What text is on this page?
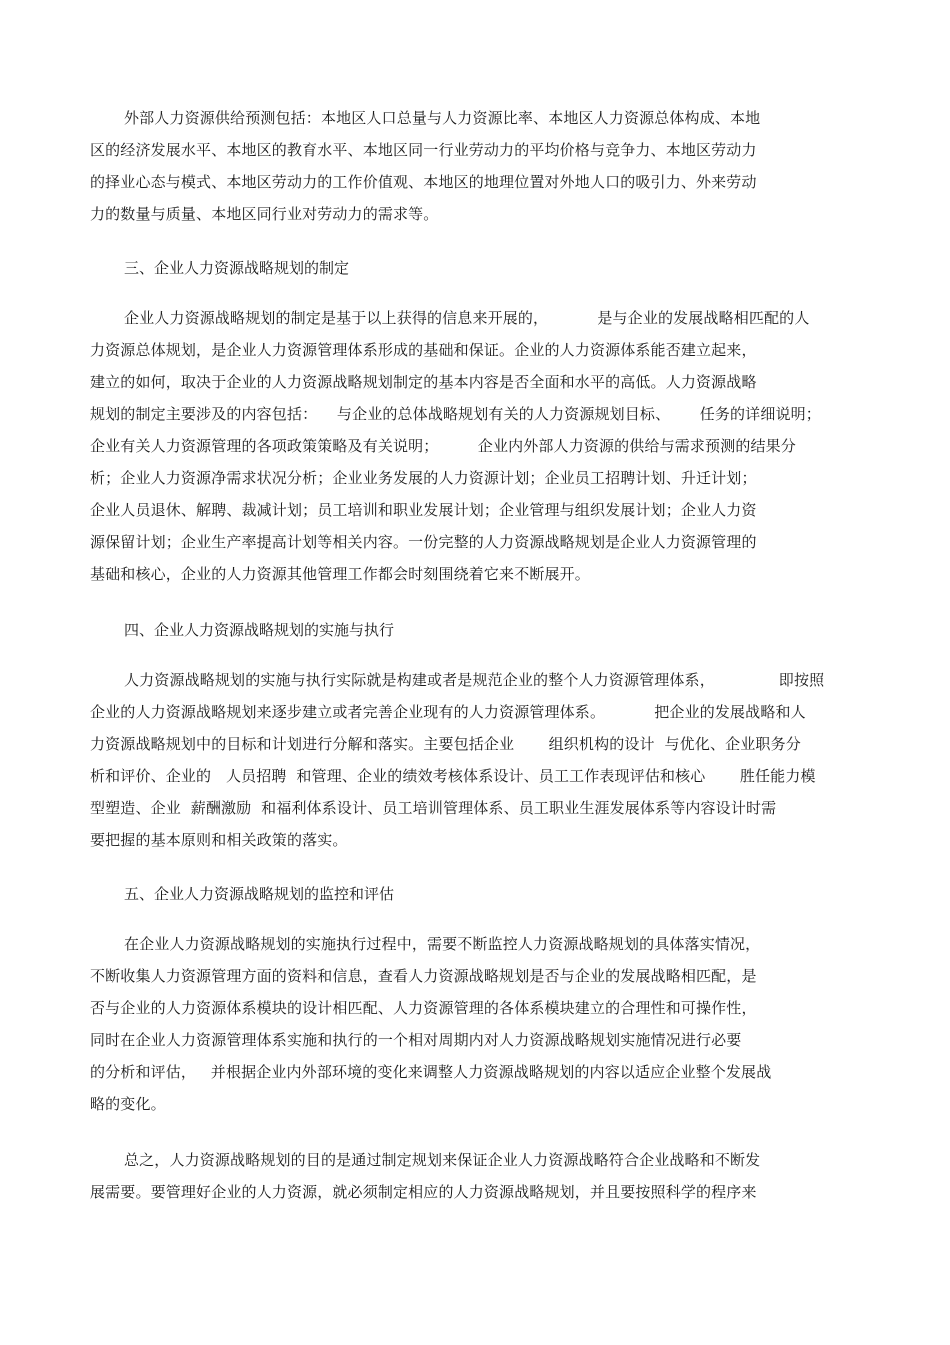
外部人力资源供给预测包括：本地区人口总量与人力资源比率、本地区人力资源总体构成、本地
区的经济发展水平、本地区的教育水平、本地区同一行业劳动力的平均价格与竞争力、本地区劳动力
的择业心态与模式、本地区劳动力的工作价值观、本地区的地理位置对外地人口的吸引力、外来劳动
力的数量与质量、本地区同行业对劳动力的需求等。
三、企业人力资源战略规划的制定
企业人力资源战略规划的制定是基于以上获得的信息来开展的，          是与企业的发展战略相匹配的人
力资源总体规划，是企业人力资源管理体系形成的基础和保证。企业的人力资源体系能否建立起来，
建立的如何，取决于企业的人力资源战略规划制定的基本内容是否全面和水平的高低。人力资源战略
规划的制定主要涉及的内容包括：    与企业的总体战略规划有关的人力资源规划目标、      任务的详细说明；
企业有关人力资源管理的各项政策策略及有关说明；        企业内外部人力资源的供给与需求预测的结果分
析；企业人力资源净需求状况分析；企业业务发展的人力资源计划；企业员工招聘计划、升迁计划；
企业人员退休、解聘、裁减计划；员工培训和职业发展计划；企业管理与组织发展计划；企业人力资
源保留计划；企业生产率提高计划等相关内容。一份完整的人力资源战略规划是企业人力资源管理的
基础和核心，企业的人力资源其他管理工作都会时刻围绕着它来不断展开。
四、企业人力资源战略规划的实施与执行
人力资源战略规划的实施与执行实际就是构建或者是规范企业的整个人力资源管理体系，             即按照
企业的人力资源战略规划来逐步建立或者完善企业现有的人力资源管理体系。          把企业的发展战略和人
力资源战略规划中的目标和计划进行分解和落实。主要包括企业       组织机构的设计  与优化、企业职务分
析和评价、企业的   人员招聘  和管理、企业的绩效考核体系设计、员工工作表现评估和核心       胜任能力模
型塑造、企业  薪酬激励  和福利体系设计、员工培训管理体系、员工职业生涯发展体系等内容设计时需
要把握的基本原则和相关政策的落实。
五、企业人力资源战略规划的监控和评估
在企业人力资源战略规划的实施执行过程中，需要不断监控人力资源战略规划的具体落实情况，
不断收集人力资源管理方面的资料和信息，查看人力资源战略规划是否与企业的发展战略相匹配，是
否与企业的人力资源体系模块的设计相匹配、人力资源管理的各体系模块建立的合理性和可操作性，
同时在企业人力资源管理体系实施和执行的一个相对周期内对人力资源战略规划实施情况进行必要
的分析和评估，   并根据企业内外部环境的变化来调整人力资源战略规划的内容以适应企业整个发展战
略的变化。
总之，人力资源战略规划的目的是通过制定规划来保证企业人力资源战略符合企业战略和不断发
展需要。要管理好企业的人力资源，就必须制定相应的人力资源战略规划，并且要按照科学的程序来
